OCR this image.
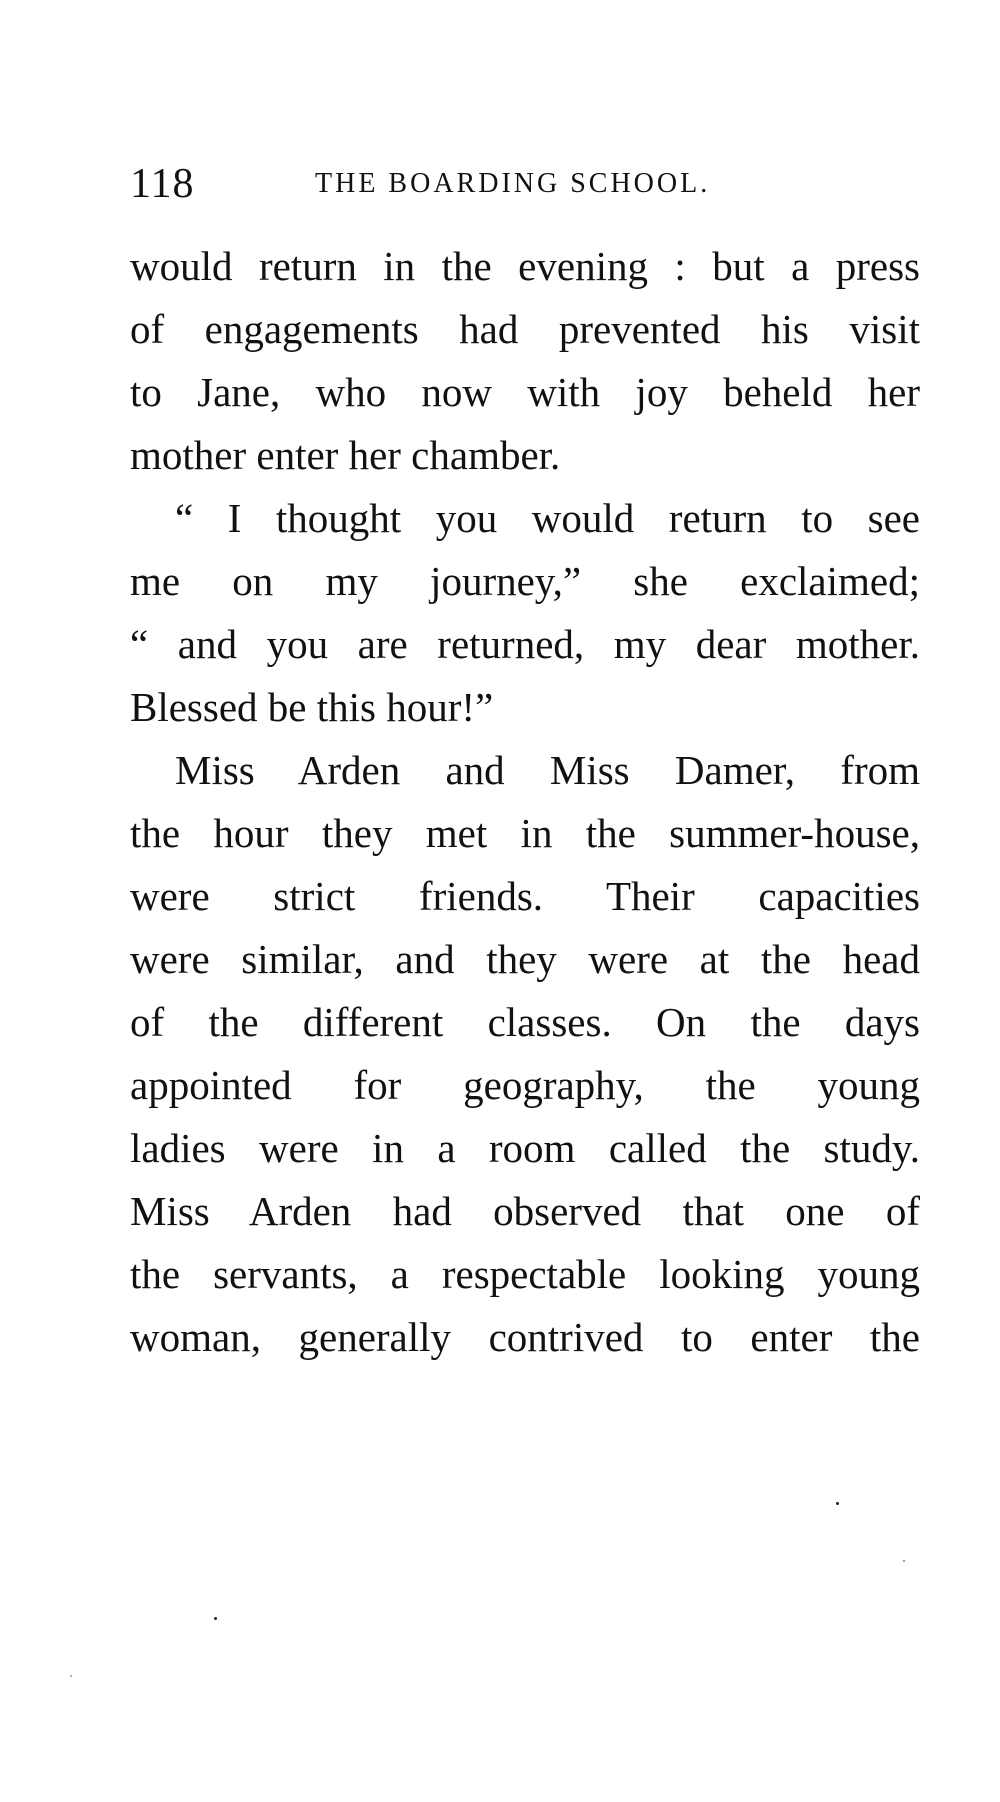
118	THE BOARDING SCHOOL.
would return in the evening : but a press
of engagements had prevented his visit
to Jane, who now with joy beheld her
mother enter her chamber.
“ I thought you would return to see
me on my journey,” she exclaimed;
“ and you are returned, my dear mother.
Blessed be this hour!”
Miss Arden and Miss Damer, from
the hour they met in the summer-house,
were strict friends. Their capacities
were similar, and they were at the head
of the different classes. On the days
appointed for geography, the young
ladies were in a room called the study.
Miss Arden had observed that one of
the servants, a respectable looking young
woman, generally contrived to enter the
